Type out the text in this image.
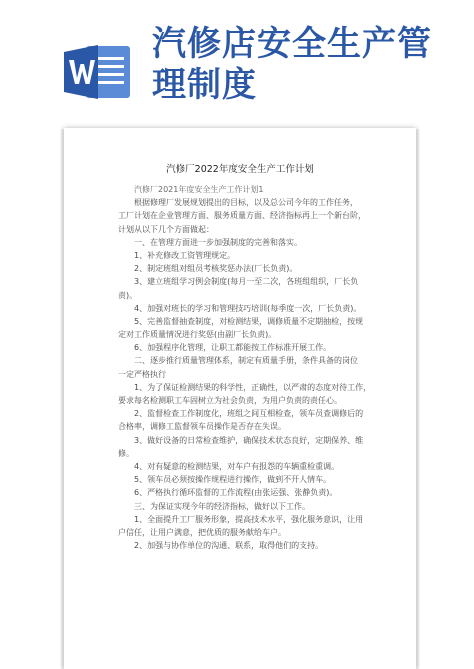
汽修店安全生产管
理制度
汽修厂2022年度安全生产工作计划
汽修厂2021年度安全生产工作计划1
根据修理厂发展规划提出的目标，以及总公司今年的工作任务，
工厂计划在企业管理方面、服务质量方面、经济指标再上一个新台阶，
计划从以下几个方面做起：
一、在管理方面进一步加强制度的完善和落实。
1、补充修改工资管理规定。
2、制定班组对组员考核奖惩办法(厂长负责)。
3、建立班组学习例会制度(每月一至二次，各班组组织，厂长负
责)。
4、加强对班长的学习和管理技巧培训(每季度一次，厂长负责)。
5、完善监督抽查制度，对检测结果，调修质量不定期抽检，按规
定对工作质量情况进行奖惩(由副厂长负责)。
6、加强程序化管理，让职工都能按工作标准开展工作。
二、逐步推行质量管理体系，制定有质量手册，条件具备的岗位
一定严格执行
1、为了保证检测结果的科学性，正确性，以严肃的态度对待工作，
要求每名检测职工车固树立为社会负责，为用户负责的责任心。
2、监督检查工作制度化，班组之间互相检查，领车员查调修后的
合格率，调修工监督领车员操作是否存在失误。
3、做好设备的日常检查维护，确保技术状态良好，定期保养、维
修。
4、对有疑意的检测结果，对车户有报怨的车辆重检重调。
5、领车员必须按操作规程进行操作，做到不开人情车。
6、严格执行循环监督的工作流程(由张运强、张静负责)。
三、为保证实现今年的经济指标，做好以下工作。
1、全面提升工厂服务形象，提高技术水平，强化服务意识，让用
户信任，让用户满意，把优质的服务献给车户。
2、加强与协作单位的沟通、联系，取得他们的支持。
